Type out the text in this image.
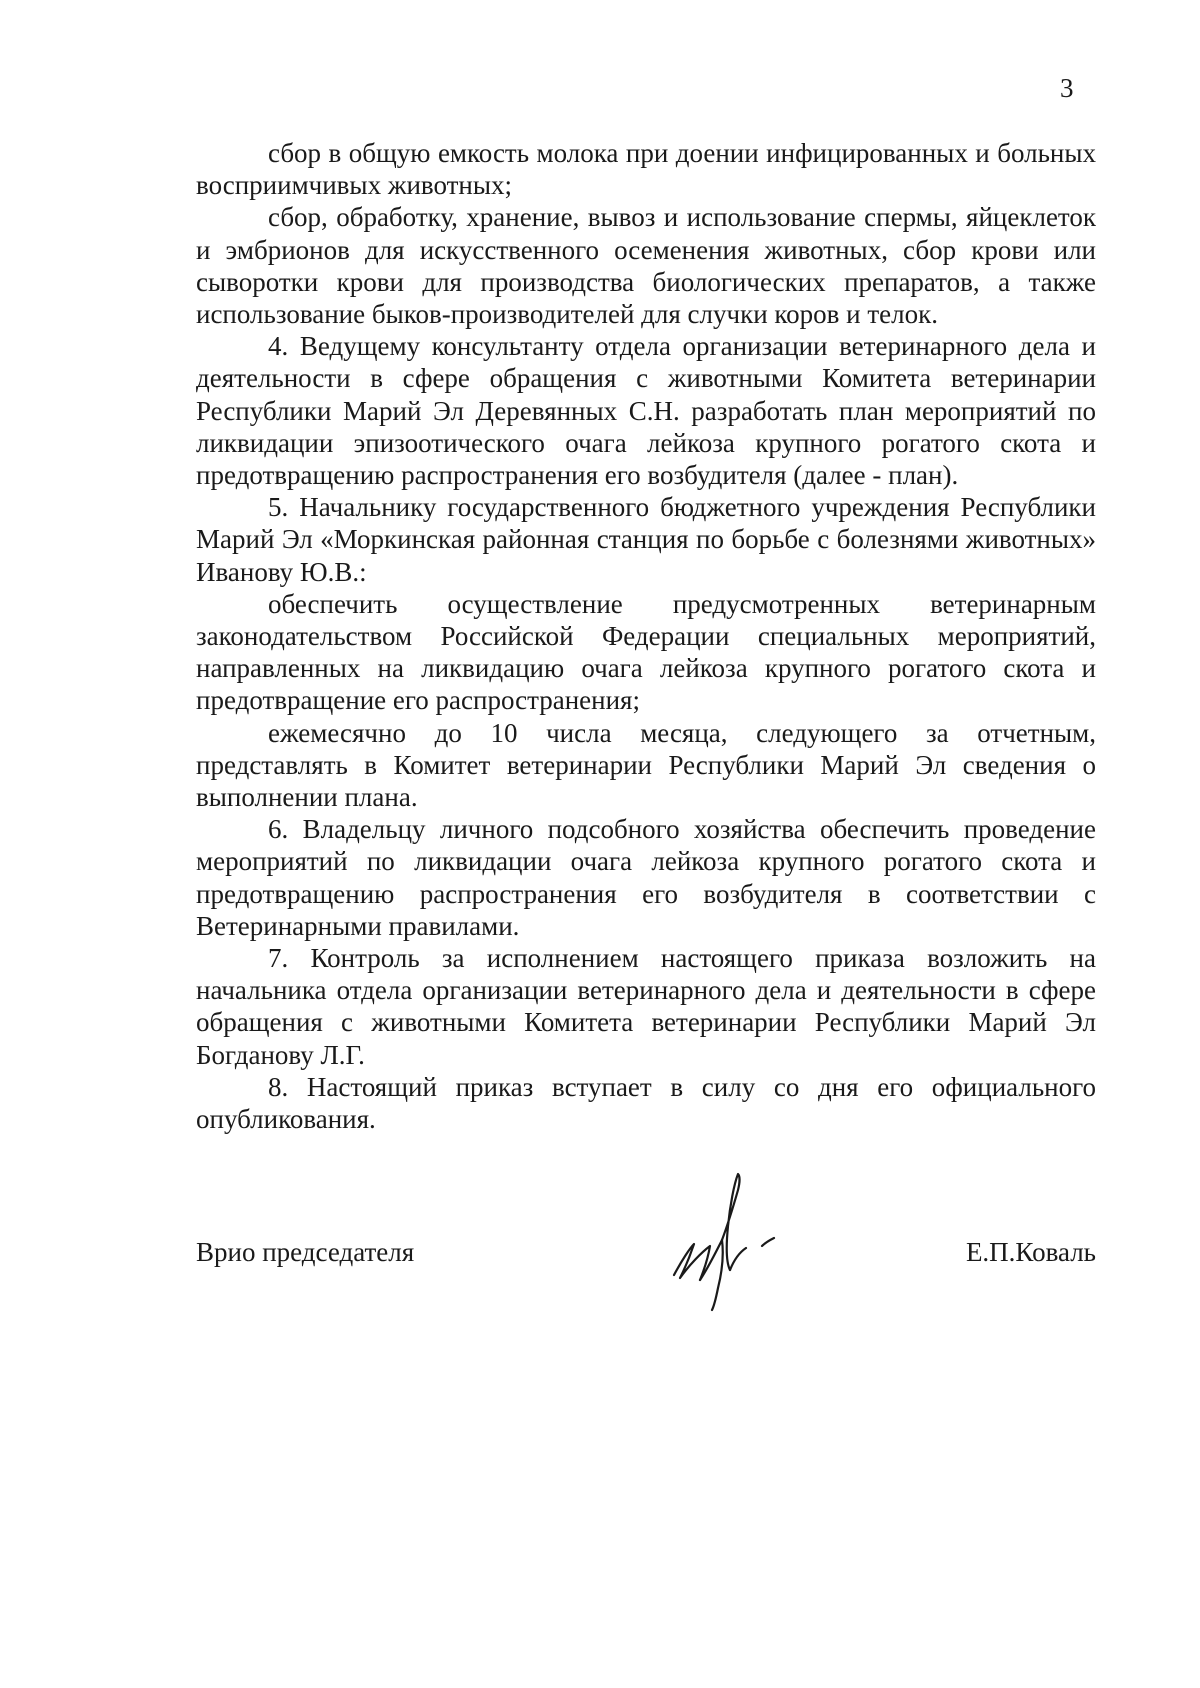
3

сбор в общую емкость молока при доении инфицированных и больных восприимчивых животных;

сбор, обработку, хранение, вывоз и использование спермы, яйцеклеток и эмбрионов для искусственного осеменения животных, сбор крови или сыворотки крови для производства биологических препаратов, а также использование быков-производителей для случки коров и телок.

4. Ведущему консультанту отдела организации ветеринарного дела и деятельности в сфере обращения с животными Комитета ветеринарии Республики Марий Эл Деревянных С.Н. разработать план мероприятий по ликвидации эпизоотического очага лейкоза крупного рогатого скота и предотвращению распространения его возбудителя (далее - план).

5. Начальнику государственного бюджетного учреждения Республики Марий Эл «Моркинская районная станция по борьбе с болезнями животных» Иванову Ю.В.:

обеспечить осуществление предусмотренных ветеринарным законодательством Российской Федерации специальных мероприятий, направленных на ликвидацию очага лейкоза крупного рогатого скота и предотвращение его распространения;

ежемесячно до 10 числа месяца, следующего за отчетным, представлять в Комитет ветеринарии Республики Марий Эл сведения о выполнении плана.

6. Владельцу личного подсобного хозяйства обеспечить проведение мероприятий по ликвидации очага лейкоза крупного рогатого скота и предотвращению распространения его возбудителя в соответствии с Ветеринарными правилами.

7. Контроль за исполнением настоящего приказа возложить на начальника отдела организации ветеринарного дела и деятельности в сфере обращения с животными Комитета ветеринарии Республики Марий Эл Богданову Л.Г.

8. Настоящий приказ вступает в силу со дня его официального опубликования.

Врио председателя	Е.П.Коваль
